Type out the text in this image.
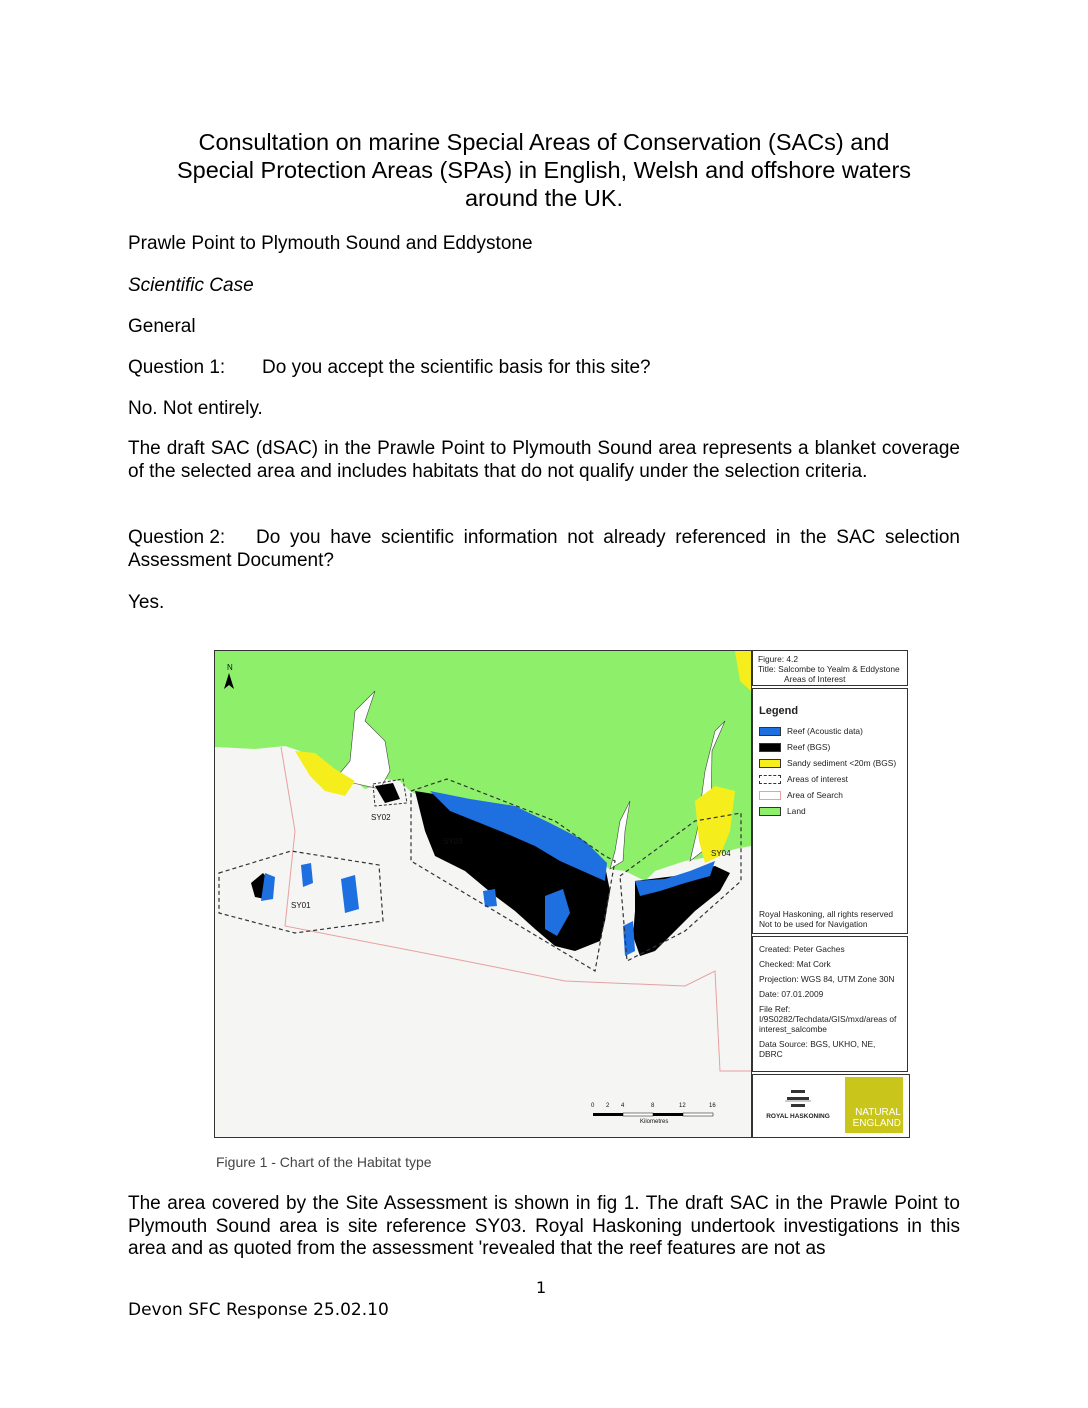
Consultation on marine Special Areas of Conservation (SACs) and
Special Protection Areas (SPAs) in English, Welsh and offshore waters
around the UK.
Prawle Point to Plymouth Sound and Eddystone
Scientific Case
General
Question 1: Do you accept the scientific basis for this site?
No. Not entirely.
The draft SAC (dSAC) in the Prawle Point to Plymouth Sound area represents a blanket coverage of the selected area and includes habitats that do not qualify under the selection criteria.
Question 2: Do you have scientific information not already referenced in the SAC selection Assessment Document?
Yes.
N
SY01
SY02
SY03
SY04
0 2 4	8	12	16
Kilometres
Figure: 4.2
Title: Salcombe to Yealm & Eddystone
Areas of Interest
Legend
Reef (Acoustic data)
Reef (BGS)
Sandy sediment <20m (BGS)
Areas of interest
Area of Search
Land
Royal Haskoning, all rights reserved
Not to be used for Navigation
Created: Peter Gaches
Checked: Mat Cork
Projection: WGS 84, UTM Zone 30N
Date: 07.01.2009
File Ref: I/9S0282/Techdata/GIS/mxd/areas of interest_salcombe
Data Source: BGS, UKHO, NE, DBRC
ROYAL HASKONING	NATURAL
ENGLAND
Figure 1 - Chart of the Habitat type
The area covered by the Site Assessment is shown in fig 1. The draft SAC in the Prawle Point to Plymouth Sound area is site reference SY03. Royal Haskoning undertook investigations in this area and as quoted from the assessment 'revealed that the reef features are not as
1
Devon SFC Response 25.02.10
